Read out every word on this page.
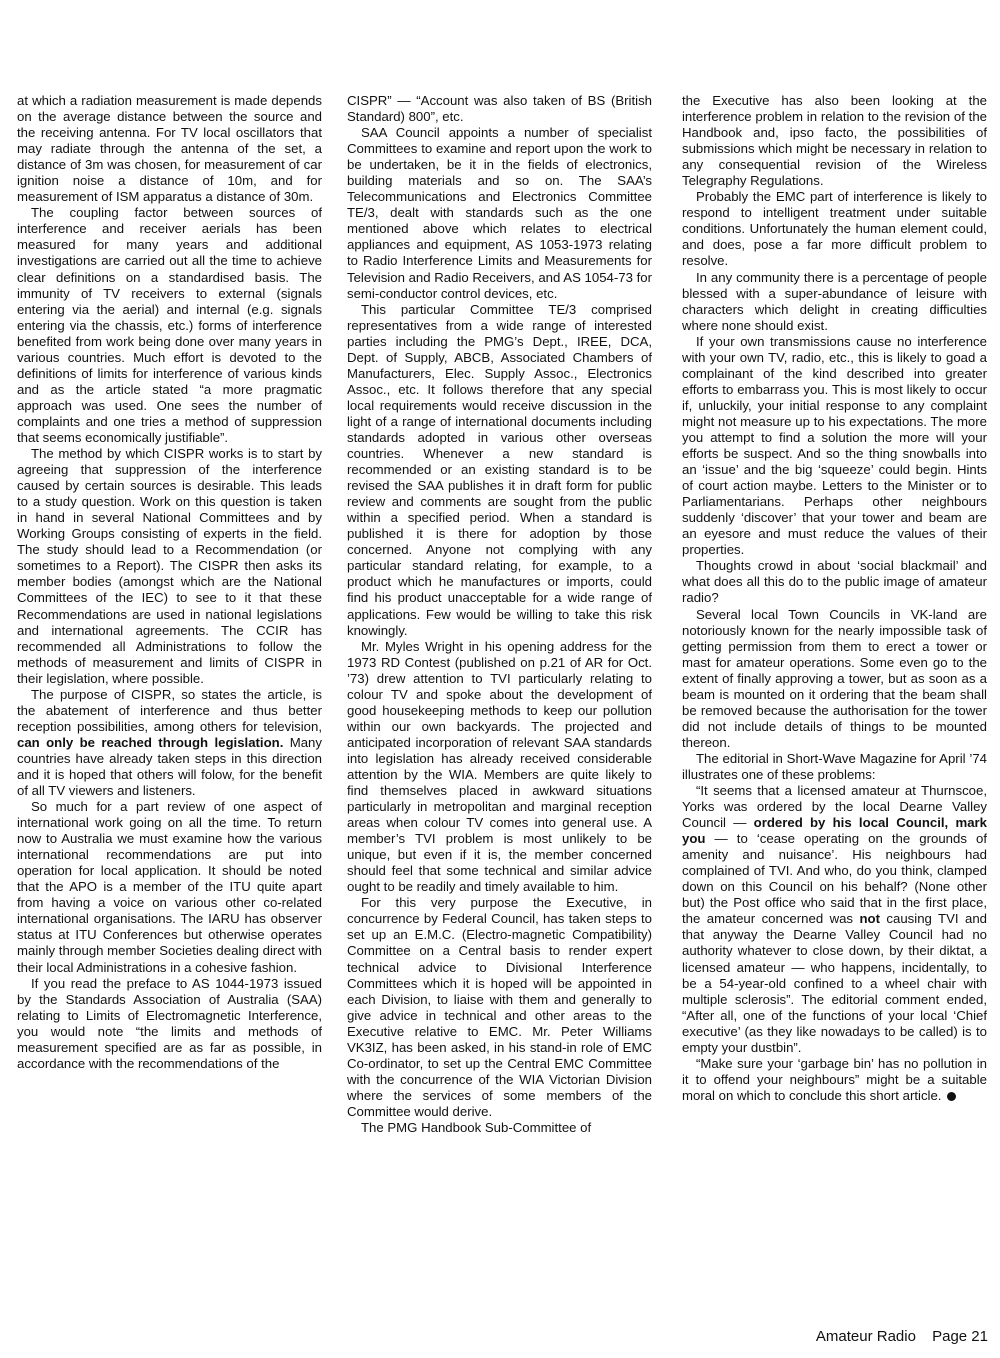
at which a radiation measurement is made depends on the average distance between the source and the receiving antenna. For TV local oscillators that may radiate through the antenna of the set, a distance of 3m was chosen, for measurement of car ignition noise a distance of 10m, and for measurement of ISM apparatus a distance of 30m.

The coupling factor between sources of interference and receiver aerials has been measured for many years and additional investigations are carried out all the time to achieve clear definitions on a standardised basis. The immunity of TV receivers to external (signals entering via the aerial) and internal (e.g. signals entering via the chassis, etc.) forms of interference benefited from work being done over many years in various countries. Much effort is devoted to the definitions of limits for interference of various kinds and as the article stated “a more pragmatic approach was used. One sees the number of complaints and one tries a method of suppression that seems economically justifiable”.

The method by which CISPR works is to start by agreeing that suppression of the interference caused by certain sources is desirable. This leads to a study question. Work on this question is taken in hand in several National Committees and by Working Groups consisting of experts in the field. The study should lead to a Recommendation (or sometimes to a Report). The CISPR then asks its member bodies (amongst which are the National Committees of the IEC) to see to it that these Recommendations are used in national legislations and international agreements. The CCIR has recommended all Administrations to follow the methods of measurement and limits of CISPR in their legislation, where possible.

The purpose of CISPR, so states the article, is the abatement of interference and thus better reception possibilities, among others for television, can only be reached through legislation. Many countries have already taken steps in this direction and it is hoped that others will folow, for the benefit of all TV viewers and listeners.

So much for a part review of one aspect of international work going on all the time. To return now to Australia we must examine how the various international recommendations are put into operation for local application. It should be noted that the APO is a member of the ITU quite apart from having a voice on various other co-related international organisations. The IARU has observer status at ITU Conferences but otherwise operates mainly through member Societies dealing direct with their local Administrations in a cohesive fashion.

If you read the preface to AS 1044-1973 issued by the Standards Association of Australia (SAA) relating to Limits of Electromagnetic Interference, you would note “the limits and methods of measurement specified are as far as possible, in accordance with the recommendations of the

CISPR” — “Account was also taken of BS (British Standard) 800”, etc.

SAA Council appoints a number of specialist Committees to examine and report upon the work to be undertaken, be it in the fields of electronics, building materials and so on. The SAA’s Telecommunications and Electronics Committee TE/3, dealt with standards such as the one mentioned above which relates to electrical appliances and equipment, AS 1053-1973 relating to Radio Interference Limits and Measurements for Television and Radio Receivers, and AS 1054-73 for semi-conductor control devices, etc.

This particular Committee TE/3 comprised representatives from a wide range of interested parties including the PMG’s Dept., IREE, DCA, Dept. of Supply, ABCB, Associated Chambers of Manufacturers, Elec. Supply Assoc., Electronics Assoc., etc. It follows therefore that any special local requirements would receive discussion in the light of a range of international documents including standards adopted in various other overseas countries. Whenever a new standard is recommended or an existing standard is to be revised the SAA publishes it in draft form for public review and comments are sought from the public within a specified period. When a standard is published it is there for adoption by those concerned. Anyone not complying with any particular standard relating, for example, to a product which he manufactures or imports, could find his product unacceptable for a wide range of applications. Few would be willing to take this risk knowingly.

Mr. Myles Wright in his opening address for the 1973 RD Contest (published on p.21 of AR for Oct. ’73) drew attention to TVI particularly relating to colour TV and spoke about the development of good housekeeping methods to keep our pollution within our own backyards. The projected and anticipated incorporation of relevant SAA standards into legislation has already received considerable attention by the WIA. Members are quite likely to find themselves placed in awkward situations particularly in metropolitan and marginal reception areas when colour TV comes into general use. A member’s TVI problem is most unlikely to be unique, but even if it is, the member concerned should feel that some technical and similar advice ought to be readily and timely available to him.

For this very purpose the Executive, in concurrence by Federal Council, has taken steps to set up an E.M.C. (Electro-magnetic Compatibility) Committee on a Central basis to render expert technical advice to Divisional Interference Committees which it is hoped will be appointed in each Division, to liaise with them and generally to give advice in technical and other areas to the Executive relative to EMC. Mr. Peter Williams VK3IZ, has been asked, in his stand-in role of EMC Co-ordinator, to set up the Central EMC Committee with the concurrence of the WIA Victorian Division where the services of some members of the Committee would derive.

The PMG Handbook Sub-Committee of

the Executive has also been looking at the interference problem in relation to the revision of the Handbook and, ipso facto, the possibilities of submissions which might be necessary in relation to any consequential revision of the Wireless Telegraphy Regulations.

Probably the EMC part of interference is likely to respond to intelligent treatment under suitable conditions. Unfortunately the human element could, and does, pose a far more difficult problem to resolve.

In any community there is a percentage of people blessed with a super-abundance of leisure with characters which delight in creating difficulties where none should exist.

If your own transmissions cause no interference with your own TV, radio, etc., this is likely to goad a complainant of the kind described into greater efforts to embarrass you. This is most likely to occur if, unluckily, your initial response to any complaint might not measure up to his expectations. The more you attempt to find a solution the more will your efforts be suspect. And so the thing snowballs into an ‘issue’ and the big ‘squeeze’ could begin. Hints of court action maybe. Letters to the Minister or to Parliamentarians. Perhaps other neighbours suddenly ‘discover’ that your tower and beam are an eyesore and must reduce the values of their properties.

Thoughts crowd in about ‘social blackmail’ and what does all this do to the public image of amateur radio?

Several local Town Councils in VK-land are notoriously known for the nearly impossible task of getting permission from them to erect a tower or mast for amateur operations. Some even go to the extent of finally approving a tower, but as soon as a beam is mounted on it ordering that the beam shall be removed because the authorisation for the tower did not include details of things to be mounted thereon.

The editorial in Short-Wave Magazine for April ’74 illustrates one of these problems:

“It seems that a licensed amateur at Thurnscoe, Yorks was ordered by the local Dearne Valley Council — ordered by his local Council, mark you — to ‘cease operating on the grounds of amenity and nuisance’. His neighbours had complained of TVI. And who, do you think, clamped down on this Council on his behalf? (None other but) the Post office who said that in the first place, the amateur concerned was not causing TVI and that anyway the Dearne Valley Council had no authority whatever to close down, by their diktat, a licensed amateur — who happens, incidentally, to be a 54-year-old confined to a wheel chair with multiple sclerosis”. The editorial comment ended, “After all, one of the functions of your local ‘Chief executive’ (as they like nowadays to be called) is to empty your dustbin”.

“Make sure your ‘garbage bin’ has no pollution in it to offend your neighbours” might be a suitable moral on which to conclude this short article.

Amateur Radio Page 21
